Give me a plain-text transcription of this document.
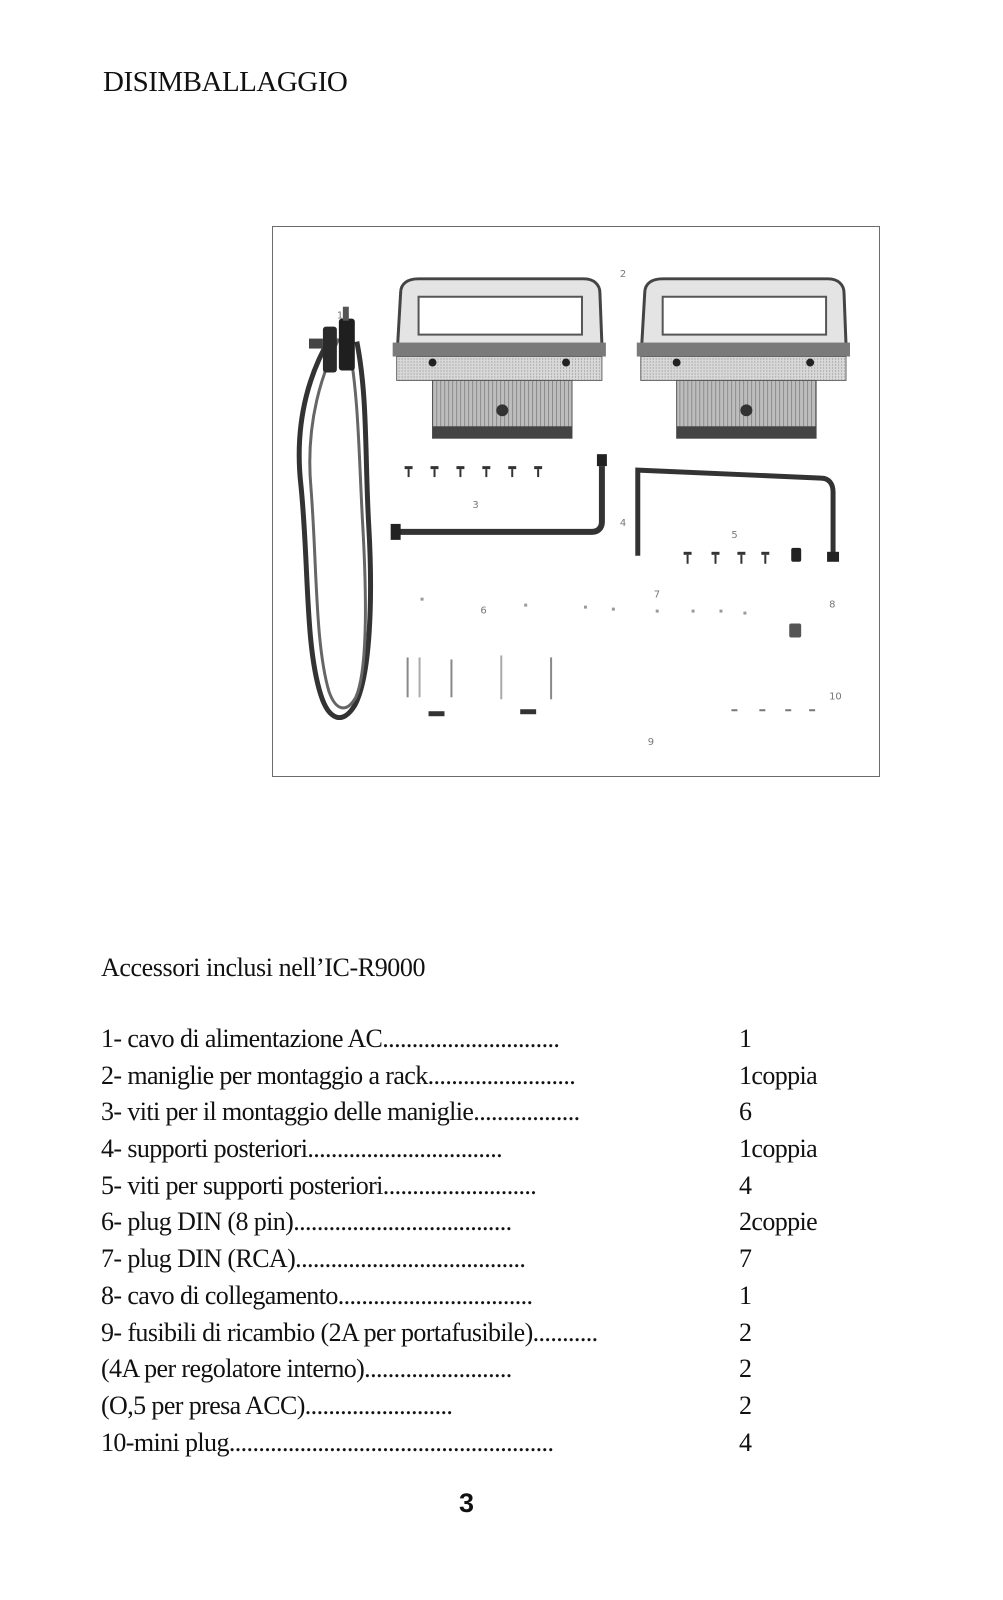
DISIMBALLAGGIO
1
2
3
4
5
6
7
8
9
10
Accessori inclusi nell’IC-R9000
1- cavo di alimentazione AC..............................	1
2- maniglie per montaggio a rack.........................	1coppia
3- viti per il montaggio delle maniglie..................	6
4- supporti posteriori.................................	1coppia
5- viti per supporti posteriori..........................	4
6- plug DIN (8 pin).....................................	2coppie
7- plug DIN (RCA).......................................	7
8- cavo di collegamento.................................	1
9- fusibili di ricambio (2A per portafusibile)...........	2
(4A per regolatore interno).........................	2
(O,5 per presa ACC).........................	2
10-mini plug.......................................................	4
3
